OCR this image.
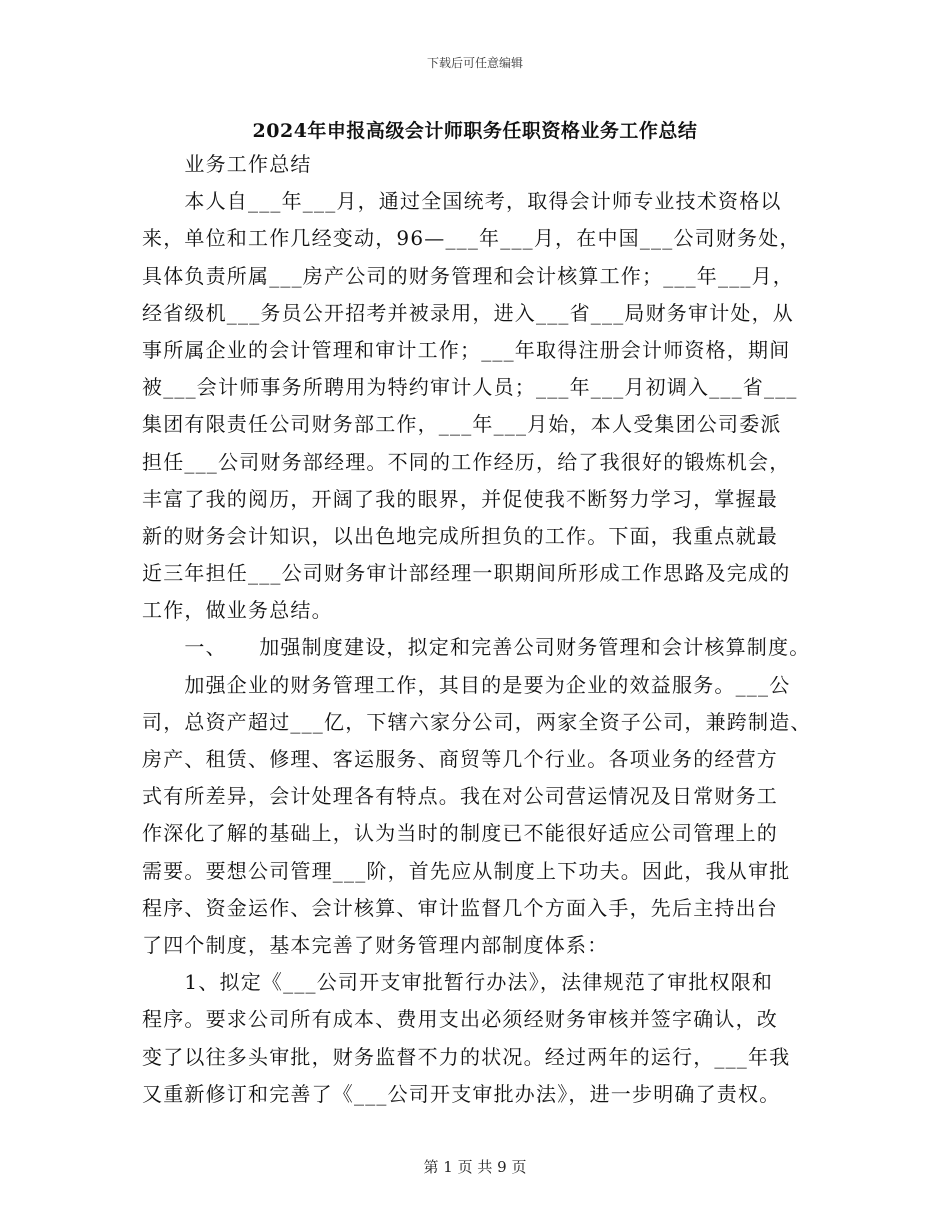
下载后可任意编辑
2024年申报高级会计师职务任职资格业务工作总结
　　业务工作总结
　　本人自___年___月，通过全国统考，取得会计师专业技术资格以
来，单位和工作几经变动，96—___年___月，在中国___公司财务处，
具体负责所属___房产公司的财务管理和会计核算工作；___年___月，
经省级机___务员公开招考并被录用，进入___省___局财务审计处，从
事所属企业的会计管理和审计工作；___年取得注册会计师资格，期间
被___会计师事务所聘用为特约审计人员；___年___月初调入___省___
集团有限责任公司财务部工作，___年___月始，本人受集团公司委派
担任___公司财务部经理。不同的工作经历，给了我很好的锻炼机会，
丰富了我的阅历，开阔了我的眼界，并促使我不断努力学习，掌握最
新的财务会计知识，以出色地完成所担负的工作。下面，我重点就最
近三年担任___公司财务审计部经理一职期间所形成工作思路及完成的
工作，做业务总结。
　　一、　　加强制度建设，拟定和完善公司财务管理和会计核算制度。
　　加强企业的财务管理工作，其目的是要为企业的效益服务。___公
司，总资产超过___亿，下辖六家分公司，两家全资子公司，兼跨制造、
房产、租赁、修理、客运服务、商贸等几个行业。各项业务的经营方
式有所差异，会计处理各有特点。我在对公司营运情况及日常财务工
作深化了解的基础上，认为当时的制度已不能很好适应公司管理上的
需要。要想公司管理___阶，首先应从制度上下功夫。因此，我从审批
程序、资金运作、会计核算、审计监督几个方面入手，先后主持出台
了四个制度，基本完善了财务管理内部制度体系：
　　1、拟定《___公司开支审批暂行办法》，法律规范了审批权限和
程序。要求公司所有成本、费用支出必须经财务审核并签字确认，改
变了以往多头审批，财务监督不力的状况。经过两年的运行，___年我
又重新修订和完善了《___公司开支审批办法》，进一步明确了责权。
第 1 页 共 9 页
